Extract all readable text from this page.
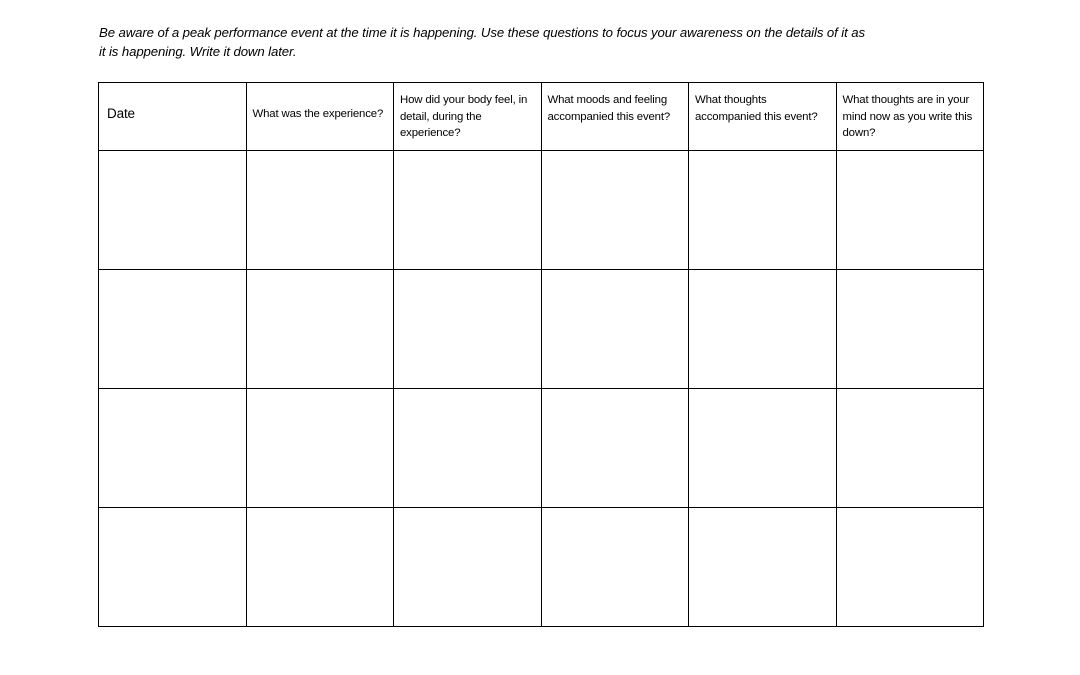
Be aware of a peak performance event at the time it is happening. Use these questions to focus your awareness on the details of it as
it is happening. Write it down later.

Date	What was the experience?	How did your body feel, in detail, during the experience?	What moods and feeling accompanied this event?	What thoughts accompanied this event?	What thoughts are in your mind now as you write this down?
